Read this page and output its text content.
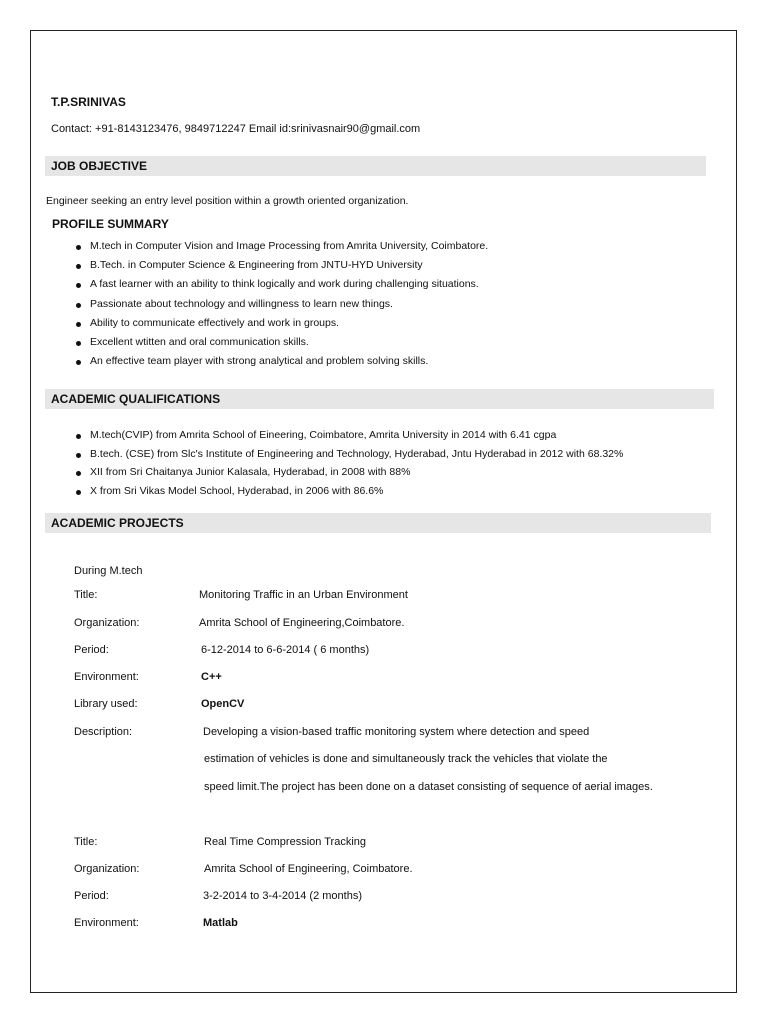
T.P.SRINIVAS
Contact: +91-8143123476, 9849712247 Email id:srinivasnair90@gmail.com
JOB OBJECTIVE
Engineer seeking an entry level position within a growth oriented organization.
PROFILE SUMMARY
M.tech in Computer Vision and Image Processing from Amrita University, Coimbatore.
B.Tech. in Computer Science & Engineering from JNTU-HYD University
A fast learner with an ability to think logically and work during challenging situations.
Passionate about technology and willingness to learn new things.
Ability to communicate effectively and work in groups.
Excellent wtitten and oral communication skills.
An effective team player with strong analytical and problem solving skills.
ACADEMIC QUALIFICATIONS
M.tech(CVIP) from Amrita School of Eineering, Coimbatore, Amrita University in 2014 with 6.41 cgpa
B.tech. (CSE) from Slc's Institute of Engineering and Technology, Hyderabad, Jntu Hyderabad in 2012 with 68.32%
XII from Sri Chaitanya Junior Kalasala, Hyderabad, in 2008 with 88%
X from Sri Vikas Model School, Hyderabad, in 2006 with 86.6%
ACADEMIC PROJECTS
During M.tech
Title:	Monitoring Traffic in an Urban Environment
Organization:	Amrita School of Engineering,Coimbatore.
Period:	6-12-2014 to 6-6-2014 ( 6 months)
Environment:	C++
Library used:	OpenCV
Description:	Developing a vision-based traffic monitoring system where detection and speed
estimation of vehicles is done and simultaneously track the vehicles that violate the
speed limit.The project has been done on a dataset consisting of sequence of aerial images.
Title:	Real Time Compression Tracking
Organization:	Amrita School of Engineering, Coimbatore.
Period:	3-2-2014 to 3-4-2014 (2 months)
Environment:	Matlab
